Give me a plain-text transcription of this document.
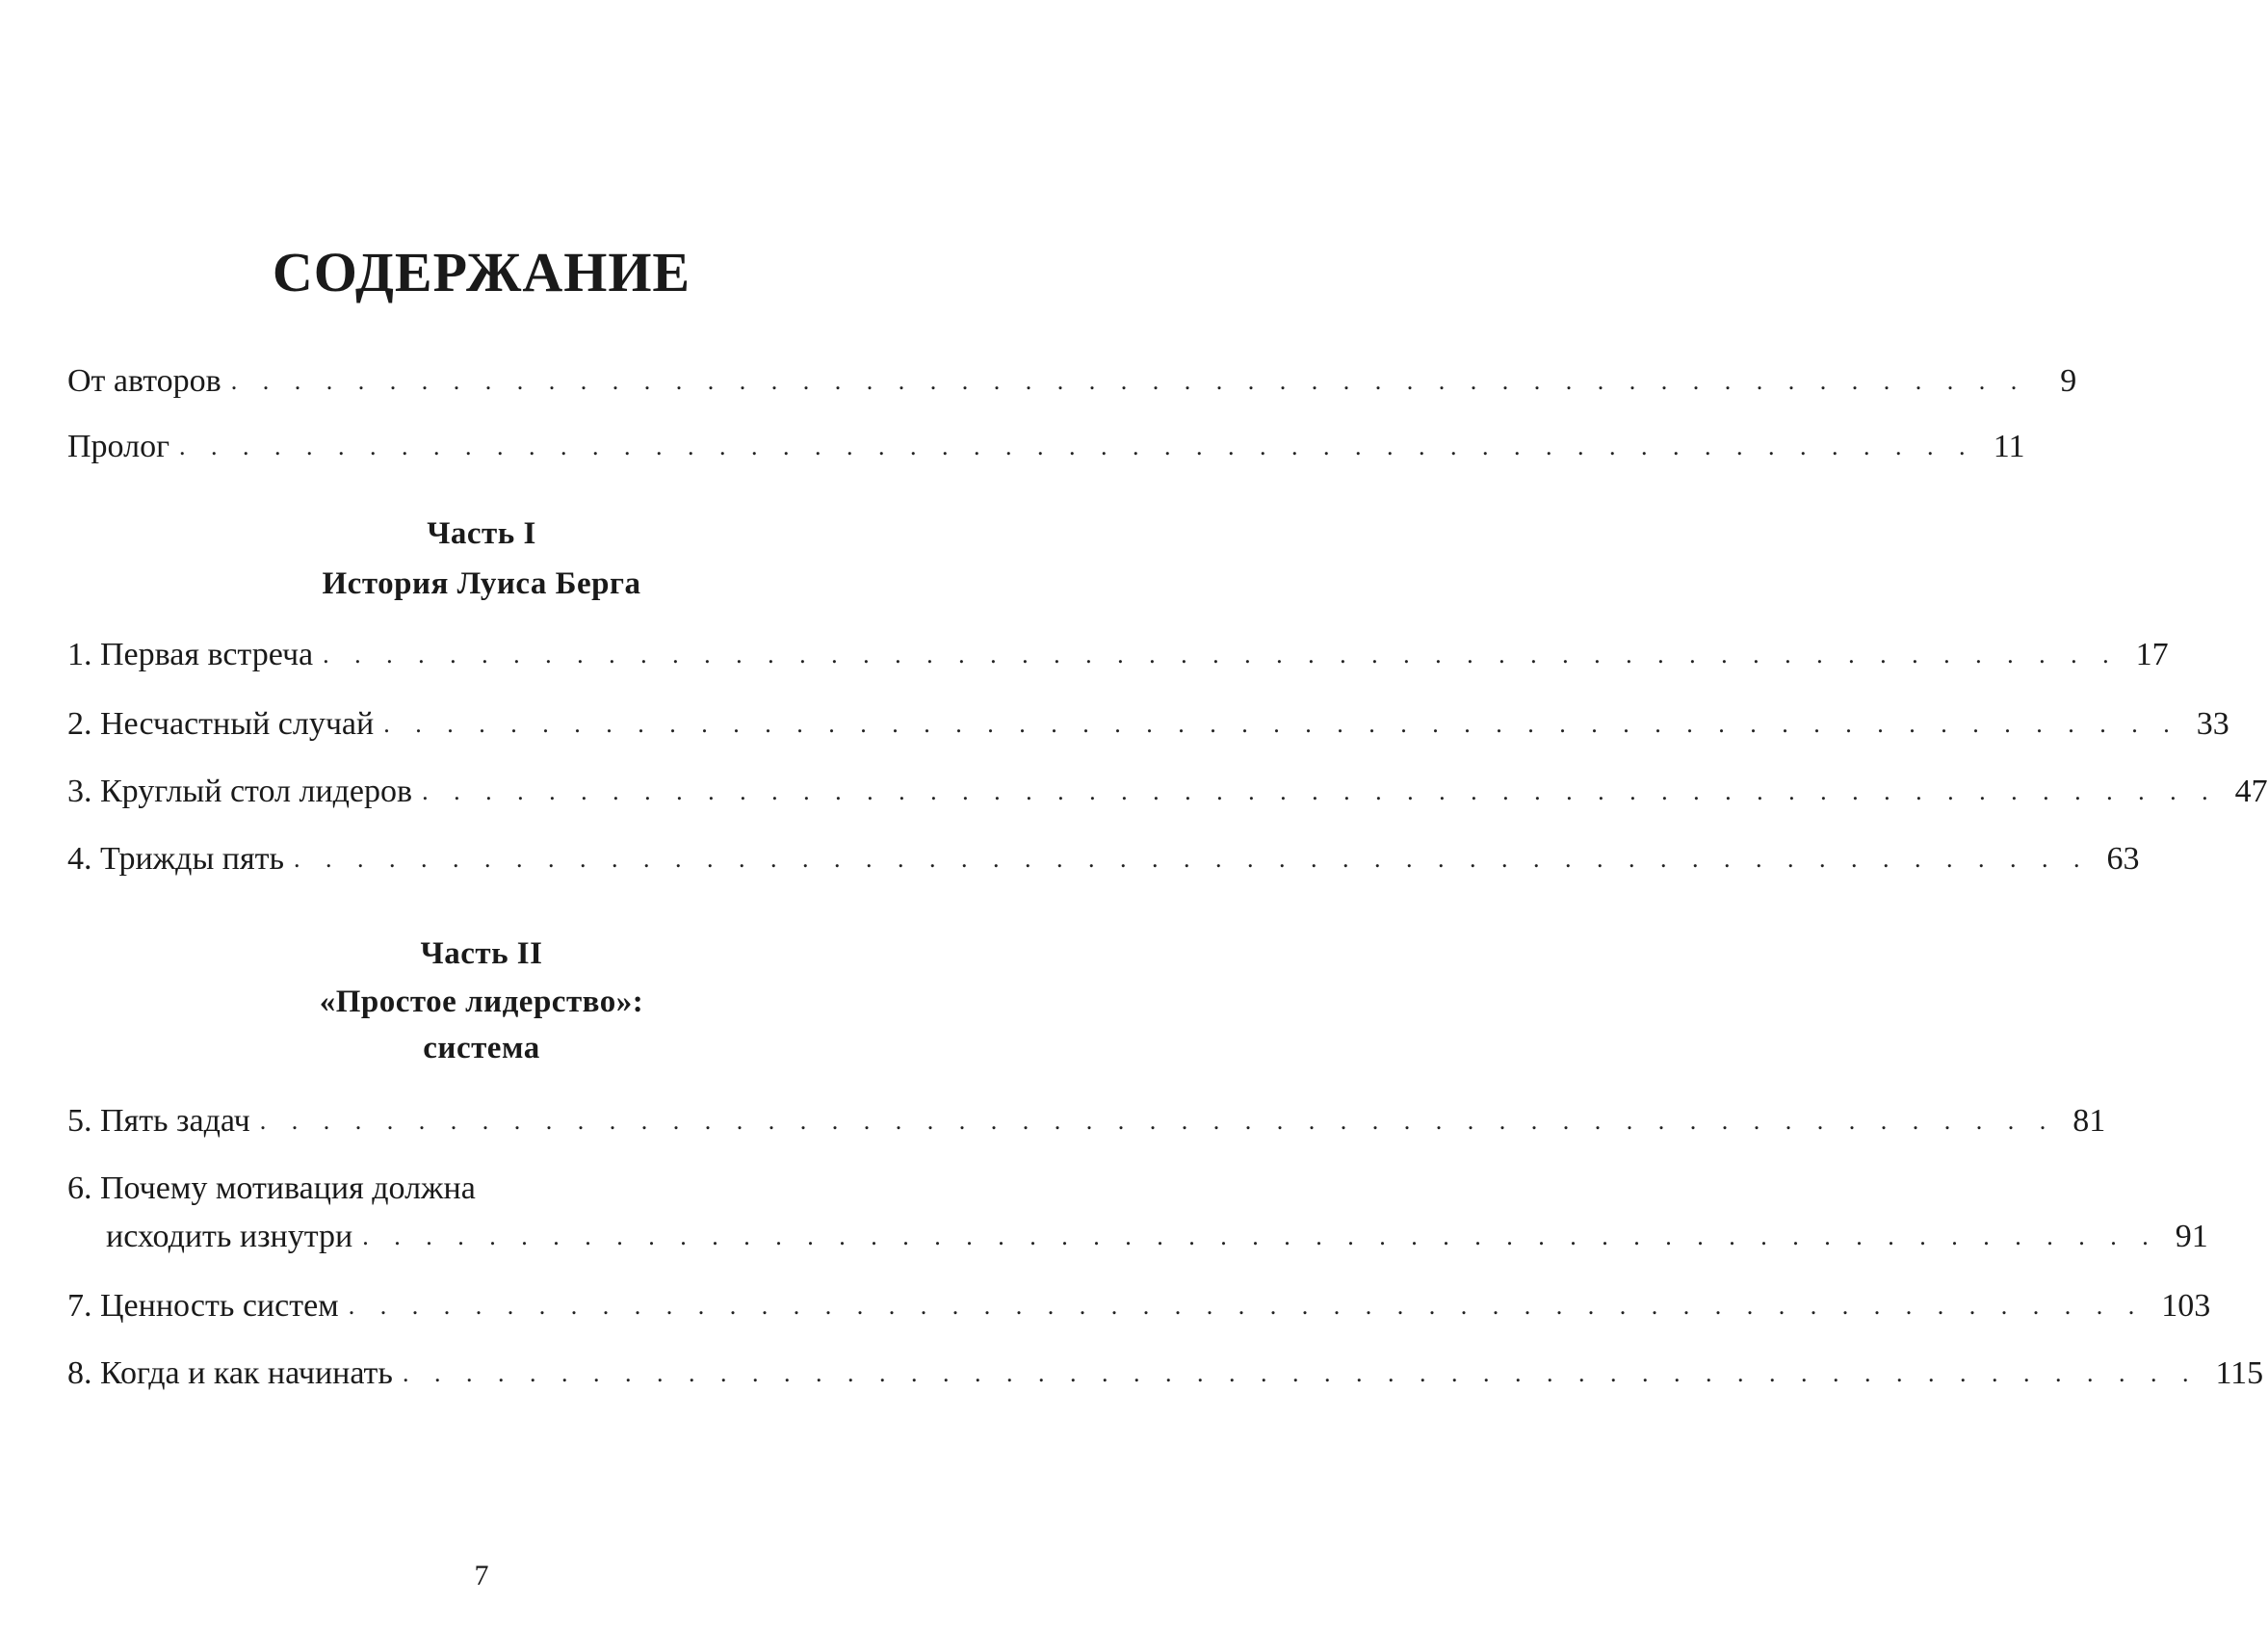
СОДЕРЖАНИЕ
От авторов . . . . . . . . . . . . . . . . . . . . . . . . . . . . . . . . . . . . . . . . . . . . . . . . . . . . . . . . .	9
Пролог . . . . . . . . . . . . . . . . . . . . . . . . . . . . . . . . . . . . . . . . . . . . . . . . . . . . . . . . . 11
Часть I
История Луиса Берга
1. Первая встреча . . . . . . . . . . . . . . . . . . . . . . . . . . . . . . . . . . . . . . . . . . . . . . . . . . . . . . . . . 17
2. Несчастный случай . . . . . . . . . . . . . . . . . . . . . . . . . . . . . . . . . . . . . . . . . . . . . . . . . . . . . . . . . 33
3. Круглый стол лидеров . . . . . . . . . . . . . . . . . . . . . . . . . . . . . . . . . . . . . . . . . . . . . . . . . . . . . . . . . 47
4. Трижды пять . . . . . . . . . . . . . . . . . . . . . . . . . . . . . . . . . . . . . . . . . . . . . . . . . . . . . . . . . 63
Часть II
«Простое лидерство»:
система
5. Пять задач . . . . . . . . . . . . . . . . . . . . . . . . . . . . . . . . . . . . . . . . . . . . . . . . . . . . . . . . . 81
6. Почему мотивация должна
исходить изнутри . . . . . . . . . . . . . . . . . . . . . . . . . . . . . . . . . . . . . . . . . . . . . . . . . . . . . . . . . 91
7. Ценность систем . . . . . . . . . . . . . . . . . . . . . . . . . . . . . . . . . . . . . . . . . . . . . . . . . . . . . . . . . 103
8. Когда и как начинать . . . . . . . . . . . . . . . . . . . . . . . . . . . . . . . . . . . . . . . . . . . . . . . . . . . . . . . . . 115
7
